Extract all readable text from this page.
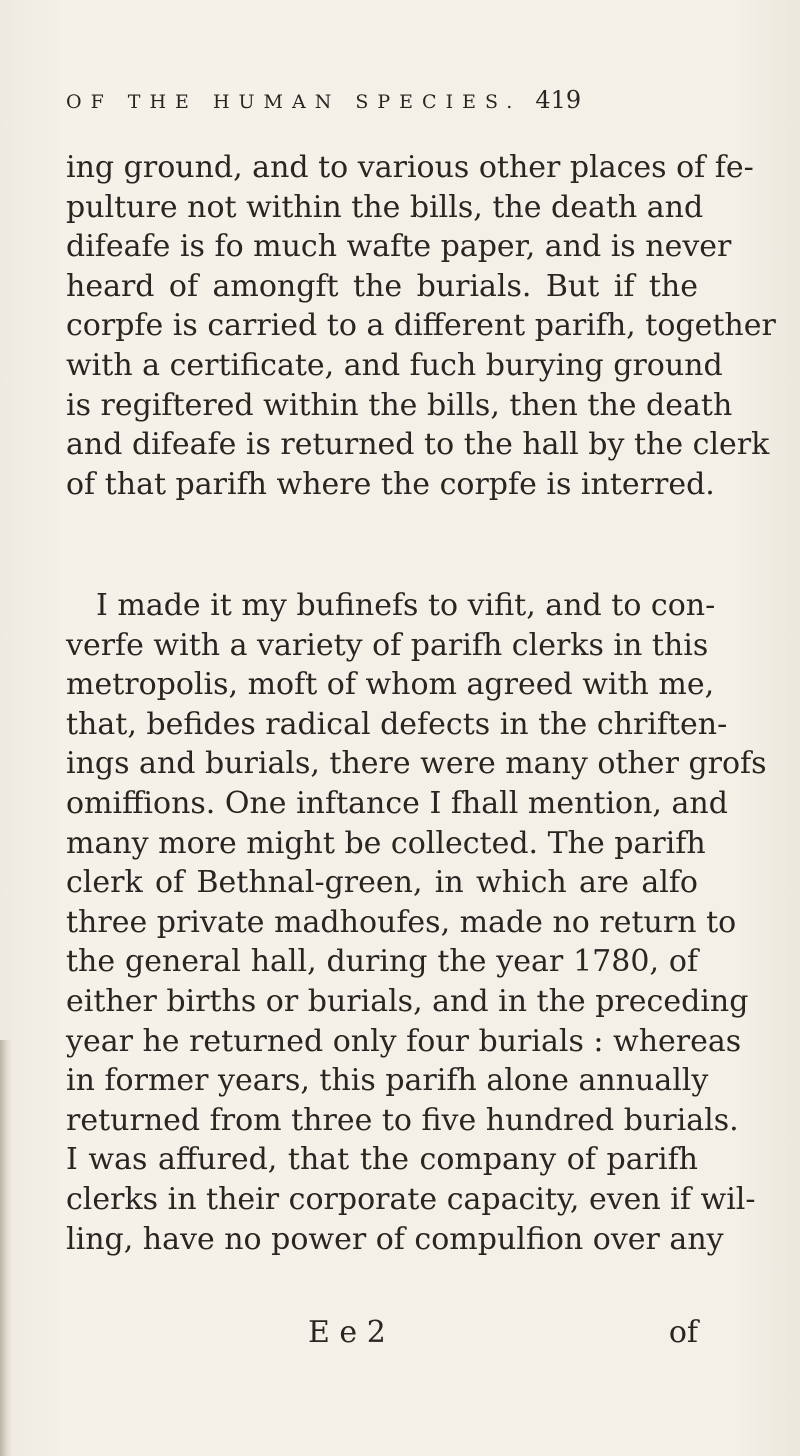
OF THE HUMAN SPECIES. 419
ing ground, and to various other places of fe-
pulture not within the bills, the death and
difeafe is fo much wafte paper, and is never
heard of amongft the burials. But if the
corpfe is carried to a different parifh, together
with a certificate, and fuch burying ground
is regiftered within the bills, then the death
and difeafe is returned to the hall by the clerk
of that parifh where the corpfe is interred.
I made it my bufinefs to vifit, and to con-
verfe with a variety of parifh clerks in this
metropolis, moft of whom agreed with me,
that, befides radical defects in the chriften-
ings and burials, there were many other grofs
omiffions. One inftance I fhall mention, and
many more might be collected. The parifh
clerk of Bethnal-green, in which are alfo
three private madhoufes, made no return to
the general hall, during the year 1780, of
either births or burials, and in the preceding
year he returned only four burials : whereas
in former years, this parifh alone annually
returned from three to five hundred burials.
I was affured, that the company of parifh
clerks in their corporate capacity, even if wil-
ling, have no power of compulfion over any
E e 2	of
